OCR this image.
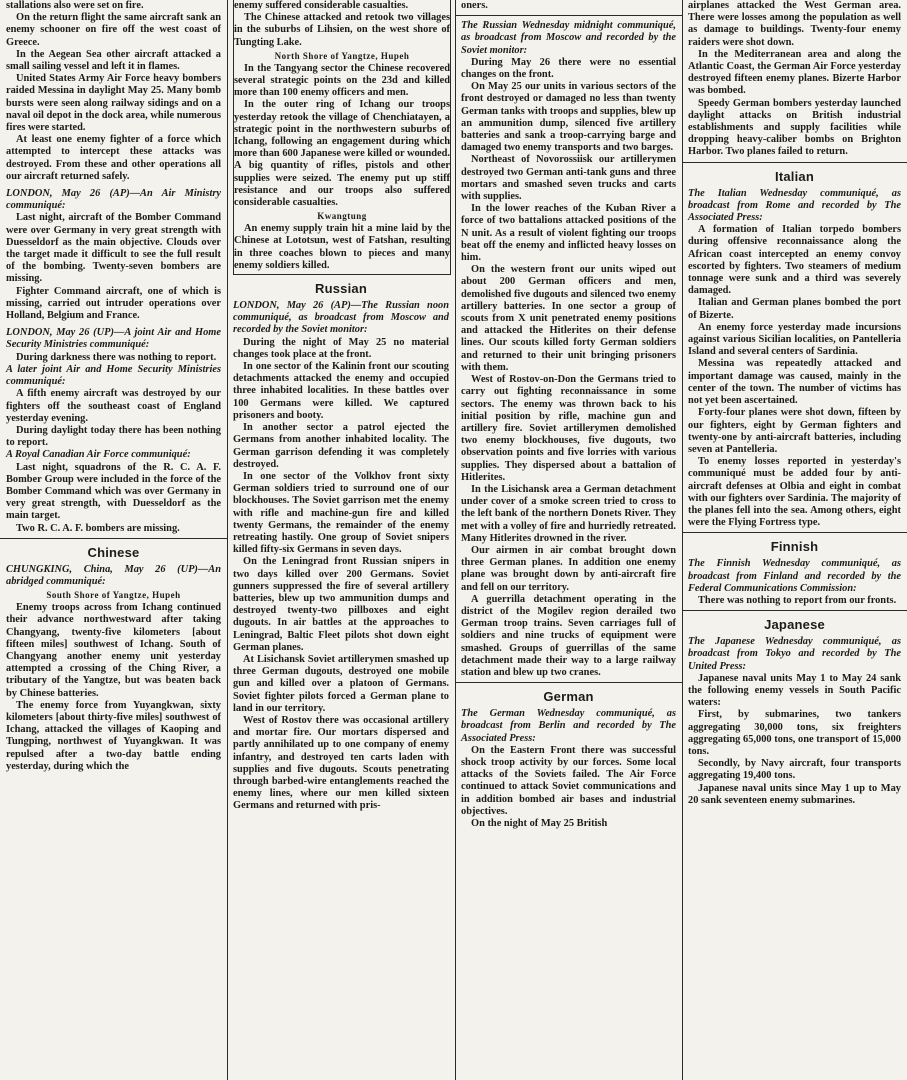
stallations also were set on fire.

On the return flight the same aircraft sank an enemy schooner on fire off the west coast of Greece.

In the Aegean Sea other aircraft attacked a small sailing vessel and left it in flames.

United States Army Air Force heavy bombers raided Messina in daylight May 25. Many bomb bursts were seen along railway sidings and on a naval oil depot in the dock area, while numerous fires were started.

At least one enemy fighter of a force which attempted to intercept these attacks was destroyed. From these and other operations all our aircraft returned safely.

LONDON, May 26 (AP)—An Air Ministry communiqué:

Last night, aircraft of the Bomber Command were over Germany in very great strength with Duesseldorf as the main objective. Clouds over the target made it difficult to see the full result of the bombing. Twenty-seven bombers are missing.

Fighter Command aircraft, one of which is missing, carried out intruder operations over Holland, Belgium and France.

LONDON, May 26 (UP)—A joint Air and Home Security Ministries communiqué:

During darkness there was nothing to report.

A later joint Air and Home Security Ministries communiqué:

A fifth enemy aircraft was destroyed by our fighters off the southeast coast of England yesterday evening.

During daylight today there has been nothing to report.

A Royal Canadian Air Force communiqué:

Last night, squadrons of the R. C. A. F. Bomber Group were included in the force of the Bomber Command which was over Germany in very great strength, with Duesseldorf as the main target.

Two R. C. A. F. bombers are missing.

Chinese

CHUNGKING, China, May 26 (UP)—An abridged communiqué:

South Shore of Yangtze, Hupeh

Enemy troops across from Ichang continued their advance northwestward after taking Changyang, twenty-five kilometers [about fifteen miles] southwest of Ichang. South of Changyang another enemy unit yesterday attempted a crossing of the Ching River, a tributary of the Yangtze, but was beaten back by Chinese batteries.

The enemy force from Yuyangkwan, sixty kilometers [about thirty-five miles] southwest of Ichang, attacked the villages of Kaoping and Tungping, northwest of Yuyangkwan. It was repulsed after a two-day battle ending yesterday, during which the

enemy suffered considerable casualties.

The Chinese attacked and retook two villages in the suburbs of Lihsien, on the west shore of Tungting Lake.

North Shore of Yangtze, Hupeh

In the Tangyang sector the Chinese recovered several strategic points on the 23d and killed more than 100 enemy officers and men.

In the outer ring of Ichang our troops yesterday retook the village of Chenchiatayen, a strategic point in the northwestern suburbs of Ichang, following an engagement during which more than 600 Japanese were killed or wounded. A big quantity of rifles, pistols and other supplies were seized. The enemy put up stiff resistance and our troops also suffered considerable casualties.

Kwangtung

An enemy supply train hit a mine laid by the Chinese at Lototsun, west of Fatshan, resulting in three coaches blown to pieces and many enemy soldiers killed.

Russian

LONDON, May 26 (AP)—The Russian noon communiqué, as broadcast from Moscow and recorded by the Soviet monitor:

During the night of May 25 no material changes took place at the front.

In one sector of the Kalinin front our scouting detachments attacked the enemy and occupied three inhabited localities. In these battles over 100 Germans were killed. We captured prisoners and booty.

In another sector a patrol ejected the Germans from another inhabited locality. The German garrison defending it was completely destroyed.

In one sector of the Volkhov front sixty German soldiers tried to surround one of our blockhouses. The Soviet garrison met the enemy with rifle and machine-gun fire and killed twenty Germans, the remainder of the enemy retreating hastily. One group of Soviet snipers killed fifty-six Germans in seven days.

On the Leningrad front Russian snipers in two days killed over 200 Germans. Soviet gunners suppressed the fire of several artillery batteries, blew up two ammunition dumps and destroyed twenty-two pillboxes and eight dugouts. In air battles at the approaches to Leningrad, Baltic Fleet pilots shot down eight German planes.

At Lisichansk Soviet artillerymen smashed up three German dugouts, destroyed one mobile gun and killed over a platoon of Germans. Soviet fighter pilots forced a German plane to land in our territory.

West of Rostov there was occasional artillery and mortar fire. Our mortars dispersed and partly annihilated up to one company of enemy infantry, and destroyed ten carts laden with supplies and five dugouts. Scouts penetrating through barbed-wire entanglements reached the enemy lines, where our men killed sixteen Germans and returned with pris-

oners.

The Russian Wednesday midnight communiqué, as broadcast from Moscow and recorded by the Soviet monitor:

During May 26 there were no essential changes on the front.

On May 25 our units in various sectors of the front destroyed or damaged no less than twenty German tanks with troops and supplies, blew up an ammunition dump, silenced five artillery batteries and sank a troop-carrying barge and damaged two enemy transports and two barges.

Northeast of Novorossiisk our artillerymen destroyed two German anti-tank guns and three mortars and smashed seven trucks and carts with supplies.

In the lower reaches of the Kuban River a force of two battalions attacked positions of the N unit. As a result of violent fighting our troops beat off the enemy and inflicted heavy losses on him.

On the western front our units wiped out about 200 German officers and men, demolished five dugouts and silenced two enemy artillery batteries. In one sector a group of scouts from X unit penetrated enemy positions and attacked the Hitlerites on their defense lines. Our scouts killed forty German soldiers and returned to their unit bringing prisoners with them.

West of Rostov-on-Don the Germans tried to carry out fighting reconnaissance in some sectors. The enemy was thrown back to his initial position by rifle, machine gun and artillery fire. Soviet artillerymen demolished two enemy blockhouses, five dugouts, two observation points and five lorries with various supplies. They dispersed about a battalion of Hitlerites.

In the Lisichansk area a German detachment under cover of a smoke screen tried to cross to the left bank of the northern Donets River. They met with a volley of fire and hurriedly retreated. Many Hitlerites drowned in the river.

Our airmen in air combat brought down three German planes. In addition one enemy plane was brought down by anti-aircraft fire and fell on our territory.

A guerrilla detachment operating in the district of the Mogilev region derailed two German troop trains. Seven carriages full of soldiers and nine trucks of equipment were smashed. Groups of guerrillas of the same detachment made their way to a large railway station and blew up two cranes.

German

The German Wednesday communiqué, as broadcast from Berlin and recorded by The Associated Press:

On the Eastern Front there was successful shock troop activity by our forces. Some local attacks of the Soviets failed. The Air Force continued to attack Soviet communications and in addition bombed air bases and industrial objectives.

On the night of May 25 British

airplanes attacked the West German area. There were losses among the population as well as damage to buildings. Twenty-four enemy raiders were shot down.

In the Mediterranean area and along the Atlantic Coast, the German Air Force yesterday destroyed fifteen enemy planes. Bizerte Harbor was bombed.

Speedy German bombers yesterday launched daylight attacks on British industrial establishments and supply facilities while dropping heavy-caliber bombs on Brighton Harbor. Two planes failed to return.

Italian

The Italian Wednesday communiqué, as broadcast from Rome and recorded by The Associated Press:

A formation of Italian torpedo bombers during offensive reconnaissance along the African coast intercepted an enemy convoy escorted by fighters. Two steamers of medium tonnage were sunk and a third was severely damaged.

Italian and German planes bombed the port of Bizerte.

An enemy force yesterday made incursions against various Sicilian localities, on Pantelleria Island and several centers of Sardinia.

Messina was repeatedly attacked and important damage was caused, mainly in the center of the town. The number of victims has not yet been ascertained.

Forty-four planes were shot down, fifteen by our fighters, eight by German fighters and twenty-one by anti-aircraft batteries, including seven at Pantelleria.

To enemy losses reported in yesterday's communiqué must be added four by anti-aircraft defenses at Olbia and eight in combat with our fighters over Sardinia. The majority of the planes fell into the sea. Among others, eight were the Flying Fortress type.

Finnish

The Finnish Wednesday communiqué, as broadcast from Finland and recorded by the Federal Communications Commission:

There was nothing to report from our fronts.

Japanese

The Japanese Wednesday communiqué, as broadcast from Tokyo and recorded by The United Press:

Japanese naval units May 1 to May 24 sank the following enemy vessels in South Pacific waters:

First, by submarines, two tankers aggregating 30,000 tons, six freighters aggregating 65,000 tons, one transport of 15,000 tons.

Secondly, by Navy aircraft, four transports aggregating 19,400 tons.

Japanese naval units since May 1 up to May 20 sank seventeen enemy submarines.
